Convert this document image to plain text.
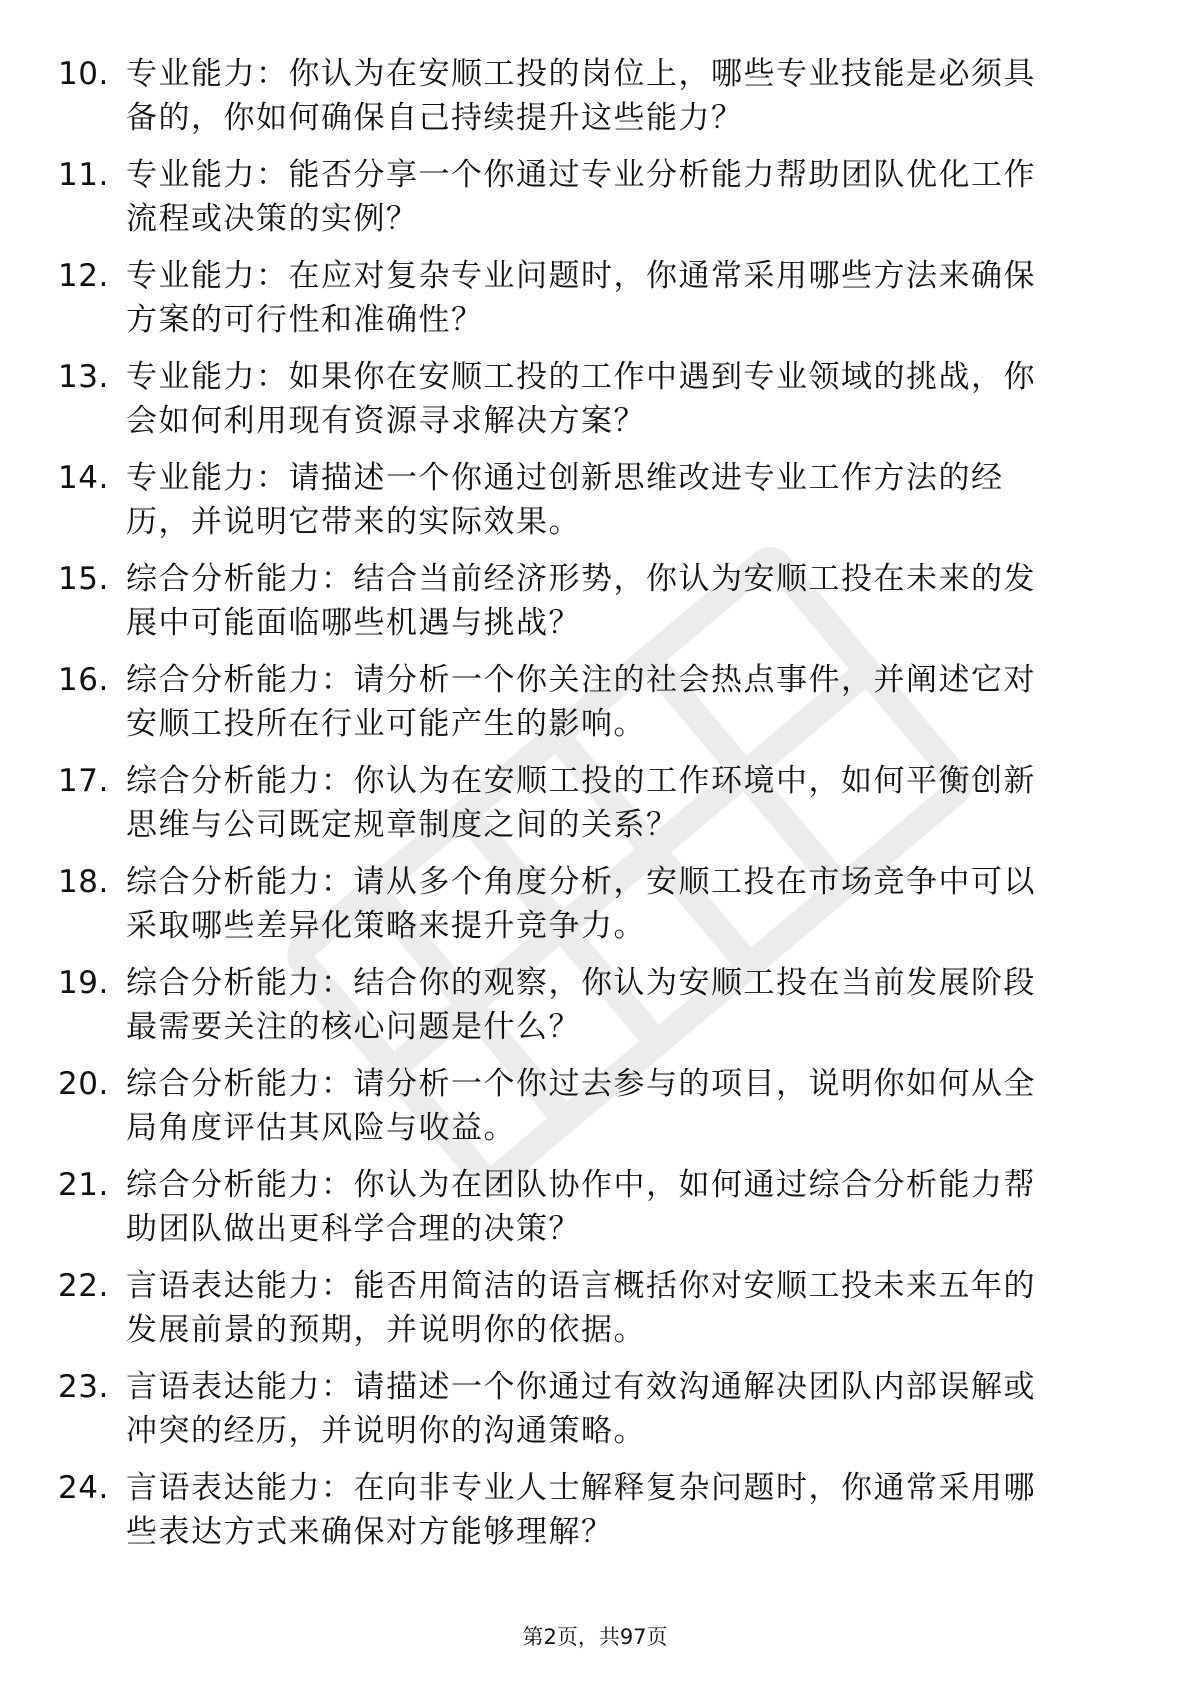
10. 专业能力：你认为在安顺工投的岗位上，哪些专业技能是必须具
备的，你如何确保自己持续提升这些能力？
11. 专业能力：能否分享一个你通过专业分析能力帮助团队优化工作
流程或决策的实例？
12. 专业能力：在应对复杂专业问题时，你通常采用哪些方法来确保
方案的可行性和准确性？
13. 专业能力：如果你在安顺工投的工作中遇到专业领域的挑战，你
会如何利用现有资源寻求解决方案？
14. 专业能力：请描述一个你通过创新思维改进专业工作方法的经
历，并说明它带来的实际效果。
15. 综合分析能力：结合当前经济形势，你认为安顺工投在未来的发
展中可能面临哪些机遇与挑战？
16. 综合分析能力：请分析一个你关注的社会热点事件，并阐述它对
安顺工投所在行业可能产生的影响。
17. 综合分析能力：你认为在安顺工投的工作环境中，如何平衡创新
思维与公司既定规章制度之间的关系？
18. 综合分析能力：请从多个角度分析，安顺工投在市场竞争中可以
采取哪些差异化策略来提升竞争力。
19. 综合分析能力：结合你的观察，你认为安顺工投在当前发展阶段
最需要关注的核心问题是什么？
20. 综合分析能力：请分析一个你过去参与的项目，说明你如何从全
局角度评估其风险与收益。
21. 综合分析能力：你认为在团队协作中，如何通过综合分析能力帮
助团队做出更科学合理的决策？
22. 言语表达能力：能否用简洁的语言概括你对安顺工投未来五年的
发展前景的预期，并说明你的依据。
23. 言语表达能力：请描述一个你通过有效沟通解决团队内部误解或
冲突的经历，并说明你的沟通策略。
24. 言语表达能力：在向非专业人士解释复杂问题时，你通常采用哪
些表达方式来确保对方能够理解？
第2页，共97页
